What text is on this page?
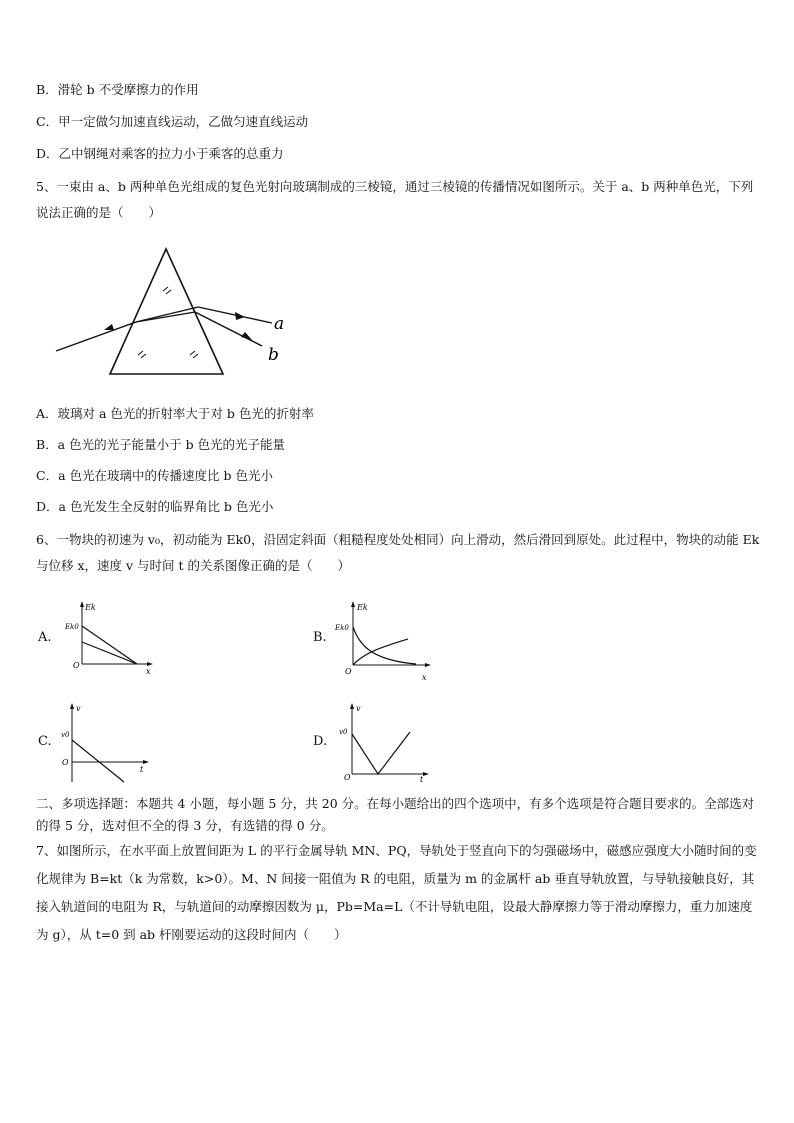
B．滑轮 b 不受摩擦力的作用
C．甲一定做匀加速直线运动，乙做匀速直线运动
D．乙中钢绳对乘客的拉力小于乘客的总重力
5、一束由 a、b 两种单色光组成的复色光射向玻璃制成的三棱镜，通过三棱镜的传播情况如图所示。关于 a、b 两种单色光，下列说法正确的是（　　）
a
b
A．玻璃对 a 色光的折射率大于对 b 色光的折射率
B．a 色光的光子能量小于 b 色光的光子能量
C．a 色光在玻璃中的传播速度比 b 色光小
D．a 色光发生全反射的临界角比 b 色光小
6、一物块的初速为 v₀，初动能为 Ek0，沿固定斜面（粗糙程度处处相同）向上滑动，然后滑回到原处。此过程中，物块的动能 Ek 与位移 x，速度 v 与时间 t 的关系图像正确的是（　　）
A.
Ek
Ek0
O
x
B.
Ek
Ek0
O
x
C.
v
v0
O
t
D.
v
v0
O	t
二、多项选择题：本题共 4 小题，每小题 5 分，共 20 分。在每小题给出的四个选项中，有多个选项是符合题目要求的。全部选对的得 5 分，选对但不全的得 3 分，有选错的得 0 分。
7、如图所示，在水平面上放置间距为 L 的平行金属导轨 MN、PQ，导轨处于竖直向下的匀强磁场中，磁感应强度大小随时间的变化规律为 B=kt（k 为常数，k>0）。M、N 间接一阻值为 R 的电阻，质量为 m 的金属杆 ab 垂直导轨放置，与导轨接触良好，其接入轨道间的电阻为 R，与轨道间的动摩擦因数为 μ，Pb=Ma=L（不计导轨电阻，设最大静摩擦力等于滑动摩擦力，重力加速度为 g），从 t=0 到 ab 杆刚要运动的这段时间内（　　）
